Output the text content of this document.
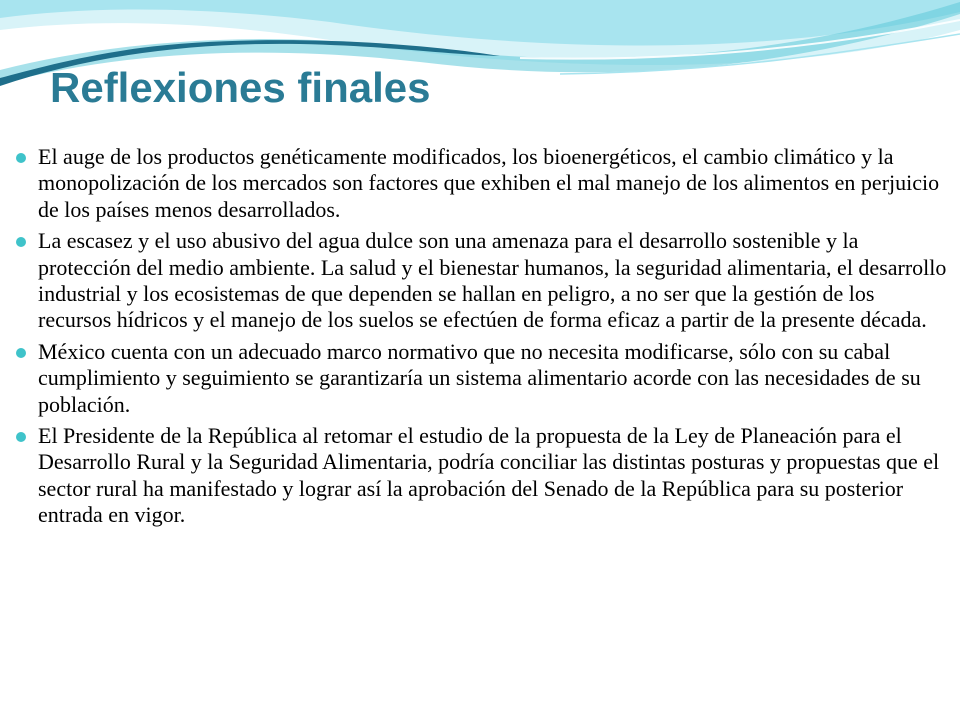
Reflexiones finales
El auge de los productos genéticamente modificados, los bioenergéticos, el cambio climático y la monopolización de los mercados son factores que exhiben el mal manejo de los alimentos en perjuicio de los países menos desarrollados.
La escasez y el uso abusivo del agua dulce son una amenaza para el desarrollo sostenible y la protección del medio ambiente. La salud y el bienestar humanos, la seguridad alimentaria, el desarrollo industrial y los ecosistemas de que dependen se hallan en peligro, a no ser que la gestión de los recursos hídricos y el manejo de los suelos se efectúen de forma eficaz a partir de la presente década.
México cuenta con un adecuado marco normativo que no necesita modificarse, sólo con su cabal cumplimiento y seguimiento se garantizaría un sistema alimentario acorde con las necesidades de su población.
El Presidente de la República al retomar el estudio de la propuesta de la Ley de Planeación para el Desarrollo Rural y la Seguridad Alimentaria, podría conciliar las distintas posturas y propuestas que el sector rural ha manifestado y lograr así la aprobación del Senado de la República para su posterior entrada en vigor.
